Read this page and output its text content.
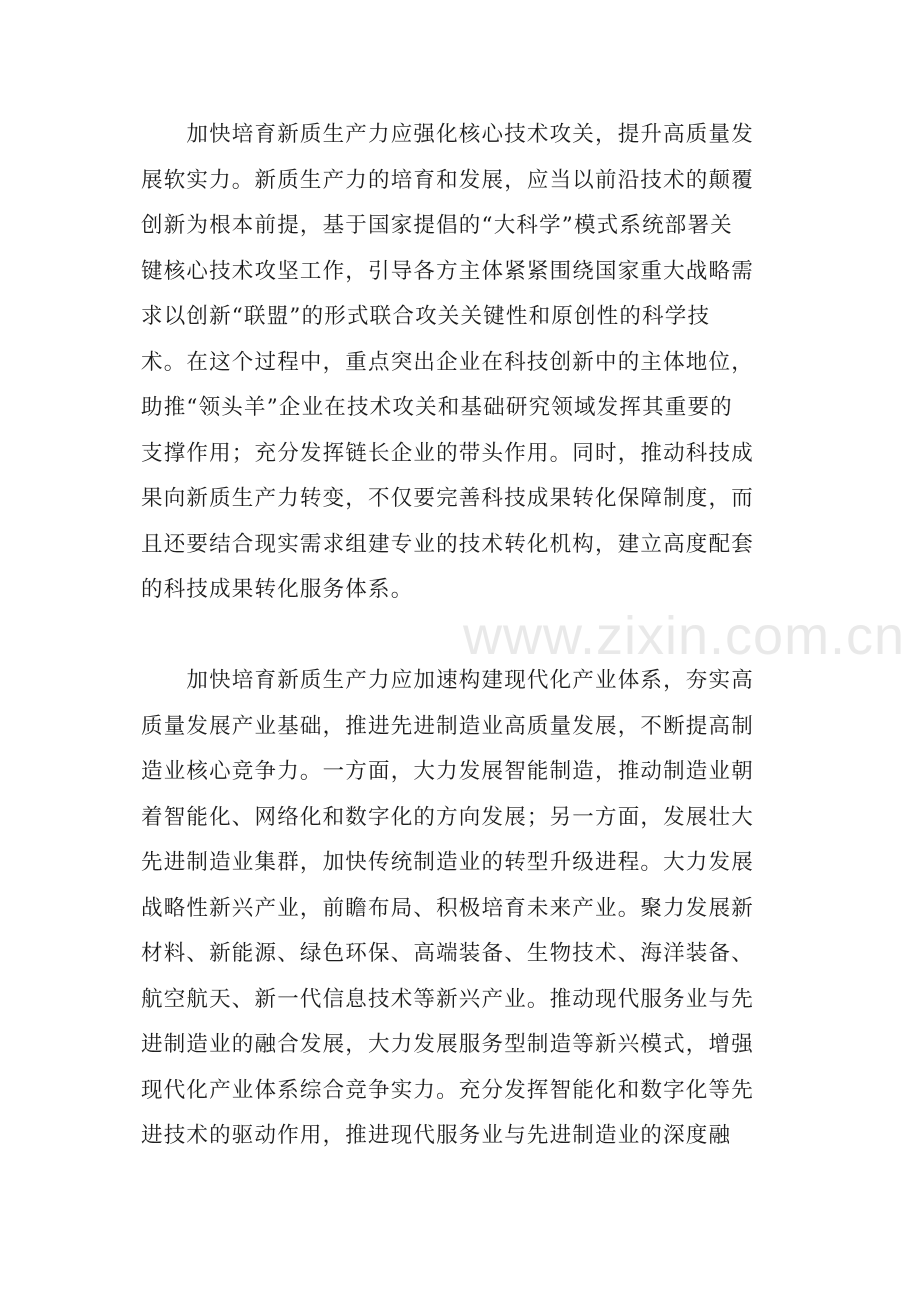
　　加快培育新质生产力应强化核心技术攻关，提升高质量发
展软实力。新质生产力的培育和发展，应当以前沿技术的颠覆
创新为根本前提，基于国家提倡的“大科学”模式系统部署关
键核心技术攻坚工作，引导各方主体紧紧围绕国家重大战略需
求以创新“联盟”的形式联合攻关关键性和原创性的科学技
术。在这个过程中，重点突出企业在科技创新中的主体地位，
助推“领头羊”企业在技术攻关和基础研究领域发挥其重要的
支撑作用；充分发挥链长企业的带头作用。同时，推动科技成
果向新质生产力转变，不仅要完善科技成果转化保障制度，而
且还要结合现实需求组建专业的技术转化机构，建立高度配套
的科技成果转化服务体系。
www.zixin.com.cn
　　加快培育新质生产力应加速构建现代化产业体系，夯实高
质量发展产业基础，推进先进制造业高质量发展，不断提高制
造业核心竞争力。一方面，大力发展智能制造，推动制造业朝
着智能化、网络化和数字化的方向发展；另一方面，发展壮大
先进制造业集群，加快传统制造业的转型升级进程。大力发展
战略性新兴产业，前瞻布局、积极培育未来产业。聚力发展新
材料、新能源、绿色环保、高端装备、生物技术、海洋装备、
航空航天、新一代信息技术等新兴产业。推动现代服务业与先
进制造业的融合发展，大力发展服务型制造等新兴模式，增强
现代化产业体系综合竞争实力。充分发挥智能化和数字化等先
进技术的驱动作用，推进现代服务业与先进制造业的深度融
